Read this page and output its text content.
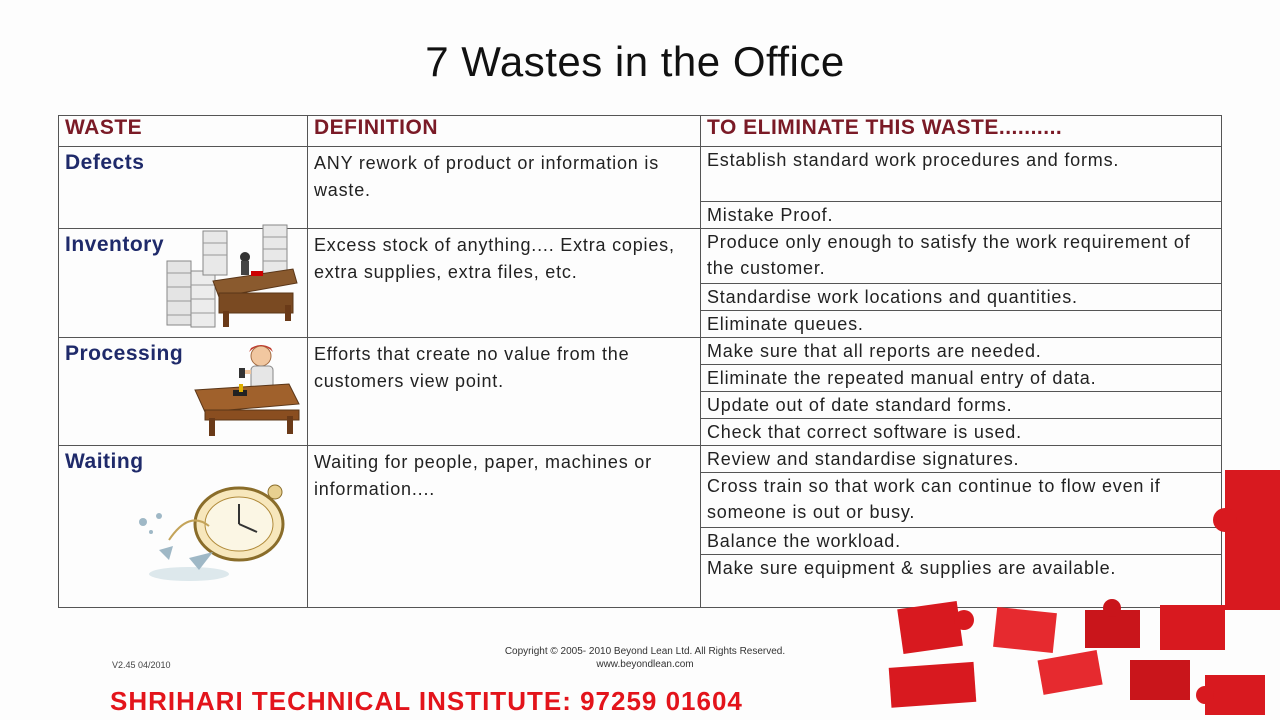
7 Wastes in the Office
WASTE	DEFINITION	TO ELIMINATE THIS WASTE..........

Defects	ANY rework of product or information is waste.	Establish standard work procedures and forms.
Mistake Proof.

Inventory	Excess stock of anything.... Extra copies, extra supplies, extra files, etc.	Produce only enough to satisfy the work requirement of the customer.
Standardise work locations and quantities.
Eliminate queues.

Processing	Efforts that create no value from the customers view point.	Make sure that all reports are needed.
Eliminate the repeated manual entry of data.
Update out of date standard forms.
Check that correct software is used.

Waiting	Waiting for people, paper, machines or information....	Review and standardise signatures.
Cross train so that work can continue to flow even if someone is out or busy.
Balance the workload.
Make sure equipment & supplies are available.
V2.45 04/2010
Copyright © 2005- 2010 Beyond Lean Ltd. All Rights Reserved.
www.beyondlean.com
SHRIHARI TECHNICAL INSTITUTE: 97259 01604
